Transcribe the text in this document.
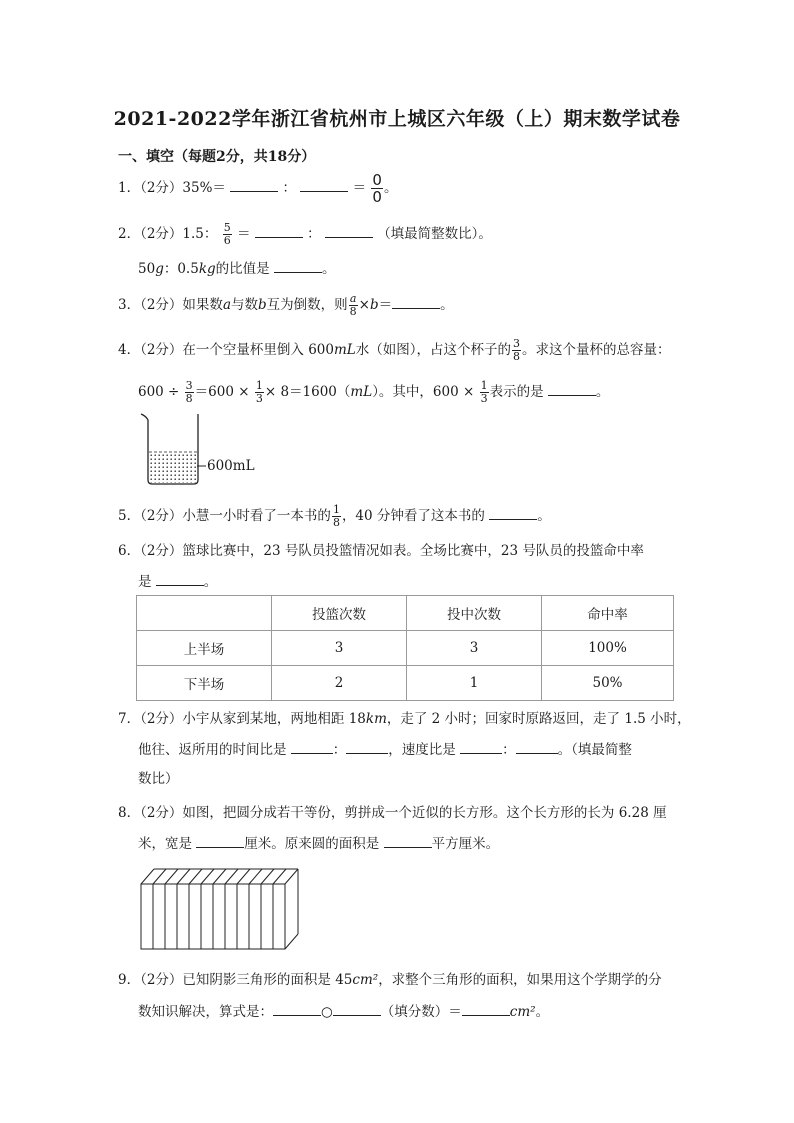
2021-2022学年浙江省杭州市上城区六年级（上）期末数学试卷
一、填空（每题2分，共18分）
1．（2分）35%＝	：	＝ $\frac{0}{0}$ 。
2．（2分）1.5： $\frac{5}{6}$ ＝	：	（填最简整数比）。
50g：0.5kg的比值是	。
3．（2分）如果数a与数b互为倒数，则 $\frac{a}{8} \times b=$	。
4．（2分）在一个空量杯里倒入 600mL水（如图），占这个杯子的 $\frac{3}{8}$ 。求这个量杯的总容量：
$600 \div \frac{3}{8} =600 \times \frac{1}{3} \times 8=1600(mL)$。其中，$600 \times \frac{1}{3}$ 表示的是	。
600mL
5．（2分）小慧一小时看了一本书的 $\frac{1}{8}$ ，40 分钟看了这本书的	。
6．（2分）篮球比赛中，23 号队员投篮情况如表。全场比赛中，23 号队员的投篮命中率
是	。
	投篮次数	投中次数	命中率
上半场	3	3	100%
下半场	2	1	50%
7．（2分）小宇从家到某地，两地相距 18km，走了 2 小时；回家时原路返回，走了 1.5 小时，
他往、返所用的时间比是	：	，速度比是	：	。（填最简整
数比）
8．（2分）如图，把圆分成若干等份，剪拼成一个近似的长方形。这个长方形的长为 6.28 厘
米，宽是	厘米。原来圆的面积是	平方厘米。
9．（2分）已知阴影三角形的面积是 45cm²，求整个三角形的面积，如果用这个学期学的分
数知识解决，算式是：	○	（填分数）＝	cm²。
